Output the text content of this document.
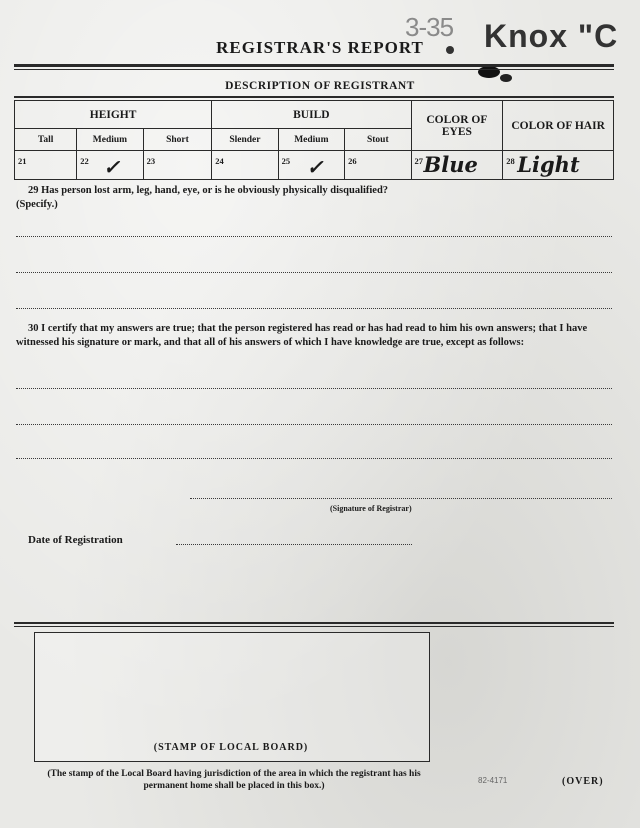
3-35 Knox "C
REGISTRAR'S REPORT
DESCRIPTION OF REGISTRANT
HEIGHT			BUILD			COLOR OF EYES	COLOR OF HAIR
Tall	Medium	Short	Slender	Medium	Stout		

21	22 ✓	23	24	25 ✓	26	27 Blue	28 Light
29 Has person lost arm, leg, hand, eye, or is he obviously physically disqualified?
(Specify.)
30 I certify that my answers are true; that the person registered has read or has had read to him his own answers; that I have witnessed his signature or mark, and that all of his answers of which I have knowledge are true, except as follows:
(Signature of Registrar)
Date of Registration
(STAMP OF LOCAL BOARD)
(The stamp of the Local Board having jurisdiction of the area in which the registrant has his permanent home shall be placed in this box.)
82-4171	(OVER)
